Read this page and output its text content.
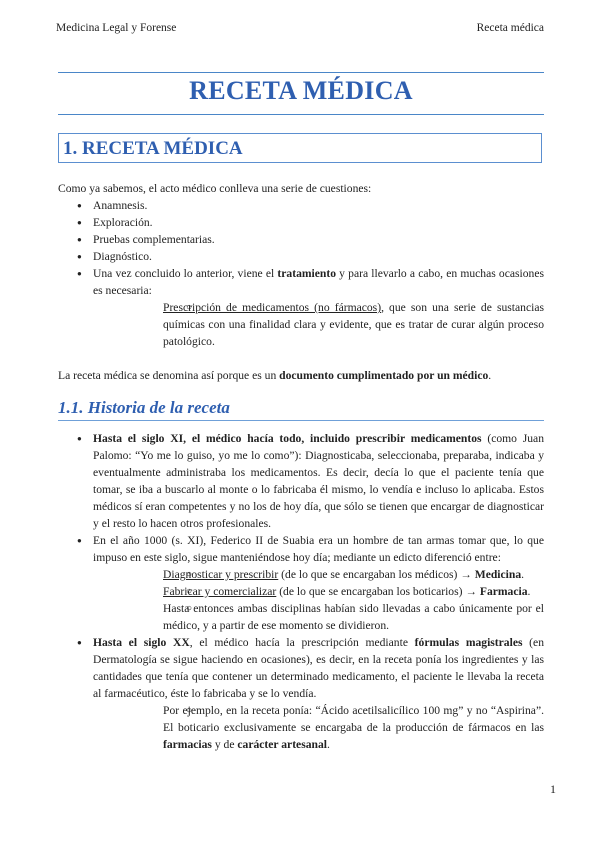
Medicina Legal y Forense	Receta médica
RECETA MÉDICA
1. RECETA MÉDICA

Como ya sabemos, el acto médico conlleva una serie de cuestiones:

● Anamnesis.
● Exploración.
● Pruebas complementarias.
● Diagnóstico.
● Una vez concluido lo anterior, viene el tratamiento y para llevarlo a cabo, en muchas ocasiones es necesaria:
○ Prescripción de medicamentos (no fármacos), que son una serie de sustancias químicas con una finalidad clara y evidente, que es tratar de curar algún proceso patológico.

La receta médica se denomina así porque es un documento cumplimentado por un médico.

1.1. Historia de la receta
● Hasta el siglo XI, el médico hacía todo, incluido prescribir medicamentos (como Juan Palomo: “Yo me lo guiso, yo me lo como”): Diagnosticaba, seleccionaba, preparaba, indicaba y eventualmente administraba los medicamentos. Es decir, decía lo que el paciente tenía que tomar, se iba a buscarlo al monte o lo fabricaba él mismo, lo vendía e incluso lo aplicaba. Estos médicos sí eran competentes y no los de hoy día, que sólo se tienen que encargar de diagnosticar y el resto lo hacen otros profesionales.
● En el año 1000 (s. XI), Federico II de Suabia era un hombre de tan armas tomar que, lo que impuso en este siglo, sigue manteniéndose hoy día; mediante un edicto diferenció entre:
○ Diagnosticar y prescribir (de lo que se encargaban los médicos) → Medicina.
○ Fabricar y comercializar (de lo que se encargaban los boticarios) → Farmacia.
○ Hasta entonces ambas disciplinas habían sido llevadas a cabo únicamente por el médico, y a partir de ese momento se dividieron.
● Hasta el siglo XX, el médico hacía la prescripción mediante fórmulas magistrales (en Dermatología se sigue haciendo en ocasiones), es decir, en la receta ponía los ingredientes y las cantidades que tenía que contener un determinado medicamento, el paciente le llevaba la receta al farmacéutico, éste lo fabricaba y se lo vendía.
○ Por ejemplo, en la receta ponía: “Ácido acetilsalicílico 100 mg” y no “Aspirina”. El boticario exclusivamente se encargaba de la producción de fármacos en las farmacias y de carácter artesanal.
1
